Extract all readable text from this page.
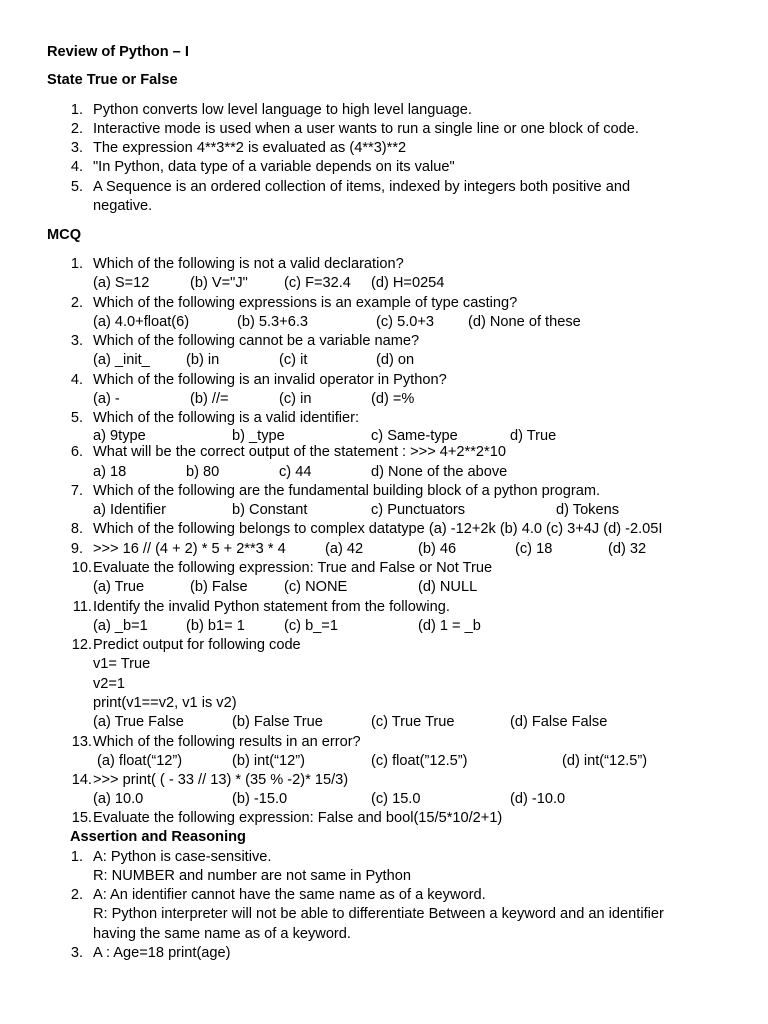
Review of Python – I
State True or False
1. Python converts low level language to high level language.
2. Interactive mode is used when a user wants to run a single line or one block of code.
3. The expression 4**3**2 is evaluated as (4**3)**2
4. "In Python, data type of a variable depends on its value"
5. A Sequence is an ordered collection of items, indexed by integers both positive and
negative.
MCQ
1. Which of the following is not a valid declaration?
(a) S=12	(b) V="J" (c) F=32.4 (d) H=0254
2. Which of the following expressions is an example of type casting?
(a) 4.0+float(6)	(b) 5.3+6.3	(c) 5.0+3 (d) None of these
3. Which of the following cannot be a variable name?
(a) _init_ (b) in	(c) it	(d) on
4. Which of the following is an invalid operator in Python?
(a) -	(b) //=	(c) in	(d) =%
5. Which of the following is a valid identifier:
a) 9type	b) _type	c) Same-type	d) True
6. What will be the correct output of the statement : >>> 4+2**2*10
a) 18	b) 80	c) 44	d) None of the above
7. Which of the following are the fundamental building block of a python program.
a) Identifier	b) Constant	c) Punctuators	d) Tokens
8. Which of the following belongs to complex datatype (a) -12+2k (b) 4.0 (c) 3+4J (d) -2.05I
9. >>> 16 // (4 + 2) * 5 + 2**3 * 4	(a) 42	(b) 46	(c) 18	(d) 32
10. Evaluate the following expression: True and False or Not True
(a) True	(b) False (c) NONE	(d) NULL
11. Identify the invalid Python statement from the following.
(a) _b=1	(b) b1= 1	(c) b_=1	(d) 1 = _b
12. Predict output for following code
v1= True
v2=1
print(v1==v2, v1 is v2)
(a) True False	(b) False True	(c) True True	(d) False False
13. Which of the following results in an error?
(a) float(“12”)	(b) int(“12”)	(c) float(”12.5”)	(d) int(“12.5”)
14. >>> print( ( - 33 // 13) * (35 % -2)* 15/3)
(a) 10.0	(b) -15.0	(c) 15.0	(d) -10.0
15. Evaluate the following expression: False and bool(15/5*10/2+1)
Assertion and Reasoning
1. A: Python is case-sensitive.
R: NUMBER and number are not same in Python
2. A: An identifier cannot have the same name as of a keyword.
R: Python interpreter will not be able to differentiate Between a keyword and an identifier
having the same name as of a keyword.
3. A : Age=18 print(age)
